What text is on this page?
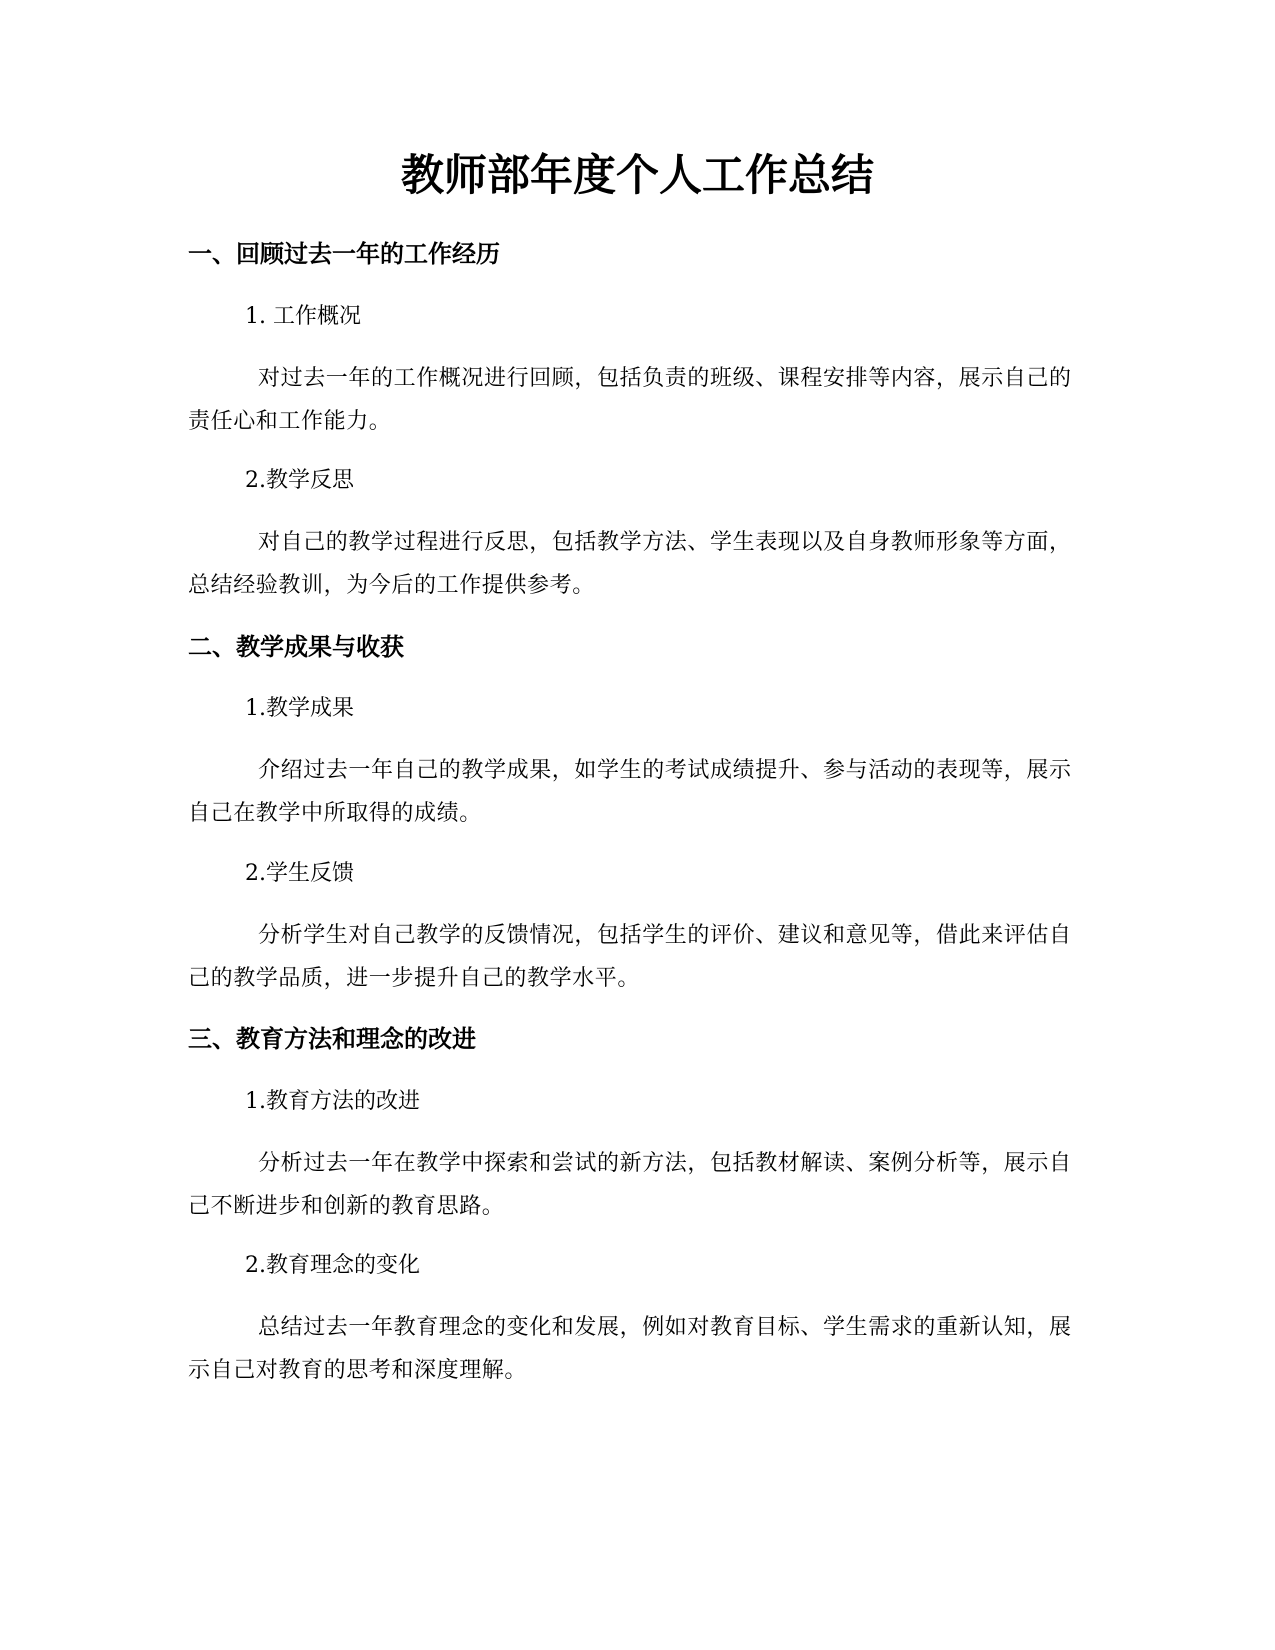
教师部年度个人工作总结
一、回顾过去一年的工作经历
1. 工作概况

对过去一年的工作概况进行回顾，包括负责的班级、课程安排等内容，展示自己的责任心和工作能力。

2.教学反思

对自己的教学过程进行反思，包括教学方法、学生表现以及自身教师形象等方面，总结经验教训，为今后的工作提供参考。

二、教学成果与收获
1.教学成果

介绍过去一年自己的教学成果，如学生的考试成绩提升、参与活动的表现等，展示自己在教学中所取得的成绩。

2.学生反馈

分析学生对自己教学的反馈情况，包括学生的评价、建议和意见等，借此来评估自己的教学品质，进一步提升自己的教学水平。

三、教育方法和理念的改进
1.教育方法的改进

分析过去一年在教学中探索和尝试的新方法，包括教材解读、案例分析等，展示自己不断进步和创新的教育思路。

2.教育理念的变化

总结过去一年教育理念的变化和发展，例如对教育目标、学生需求的重新认知，展示自己对教育的思考和深度理解。
